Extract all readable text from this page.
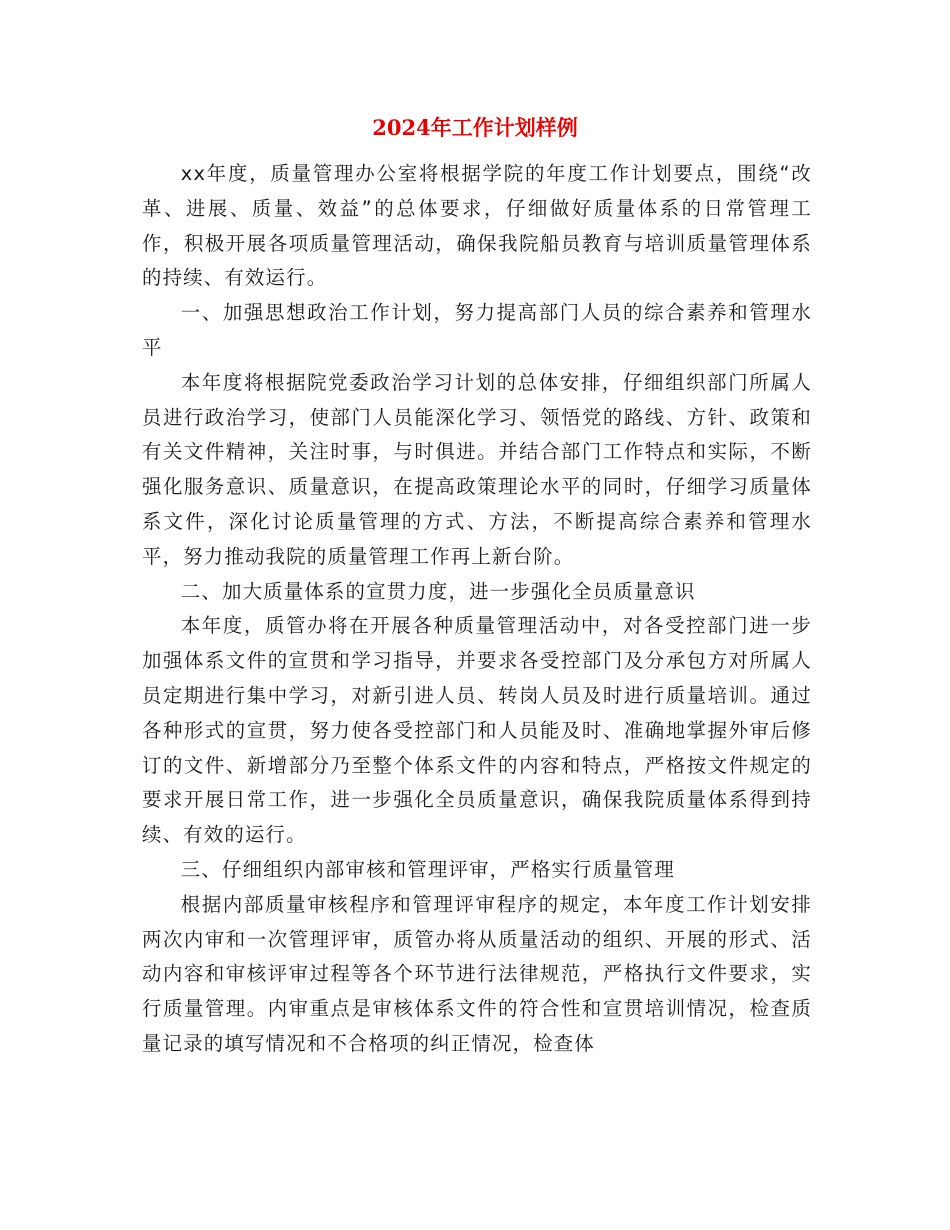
2024年工作计划样例

xx年度，质量管理办公室将根据学院的年度工作计划要点，围绕“改革、进展、质量、效益”的总体要求，仔细做好质量体系的日常管理工作，积极开展各项质量管理活动，确保我院船员教育与培训质量管理体系的持续、有效运行。

一、加强思想政治工作计划，努力提高部门人员的综合素养和管理水平

本年度将根据院党委政治学习计划的总体安排，仔细组织部门所属人员进行政治学习，使部门人员能深化学习、领悟党的路线、方针、政策和有关文件精神，关注时事，与时俱进。并结合部门工作特点和实际，不断强化服务意识、质量意识，在提高政策理论水平的同时，仔细学习质量体系文件，深化讨论质量管理的方式、方法，不断提高综合素养和管理水平，努力推动我院的质量管理工作再上新台阶。

二、加大质量体系的宣贯力度，进一步强化全员质量意识

本年度，质管办将在开展各种质量管理活动中，对各受控部门进一步加强体系文件的宣贯和学习指导，并要求各受控部门及分承包方对所属人员定期进行集中学习，对新引进人员、转岗人员及时进行质量培训。通过各种形式的宣贯，努力使各受控部门和人员能及时、准确地掌握外审后修订的文件、新增部分乃至整个体系文件的内容和特点，严格按文件规定的要求开展日常工作，进一步强化全员质量意识，确保我院质量体系得到持续、有效的运行。

三、仔细组织内部审核和管理评审，严格实行质量管理

根据内部质量审核程序和管理评审程序的规定，本年度工作计划安排两次内审和一次管理评审，质管办将从质量活动的组织、开展的形式、活动内容和审核评审过程等各个环节进行法律规范，严格执行文件要求，实行质量管理。内审重点是审核体系文件的符合性和宣贯培训情况，检查质量记录的填写情况和不合格项的纠正情况，检查体
